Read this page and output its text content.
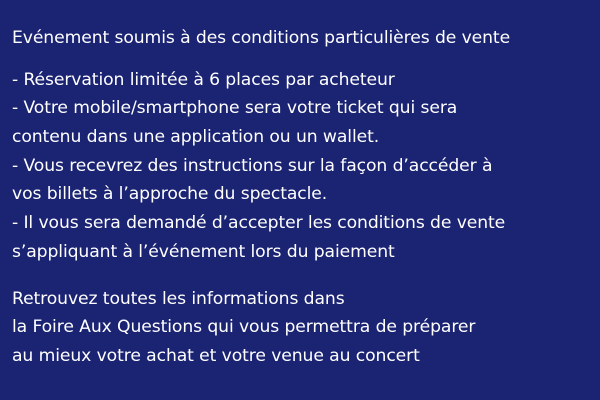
Evénement soumis à des conditions particulières de vente

- Réservation limitée à 6 places par acheteur
- Votre mobile/smartphone sera votre ticket qui sera
contenu dans une application ou un wallet.
- Vous recevrez des instructions sur la façon d’accéder à
vos billets à l’approche du spectacle.
- Il vous sera demandé d’accepter les conditions de vente
s’appliquant à l’événement lors du paiement

Retrouvez toutes les informations dans
la Foire Aux Questions qui vous permettra de préparer
au mieux votre achat et votre venue au concert
